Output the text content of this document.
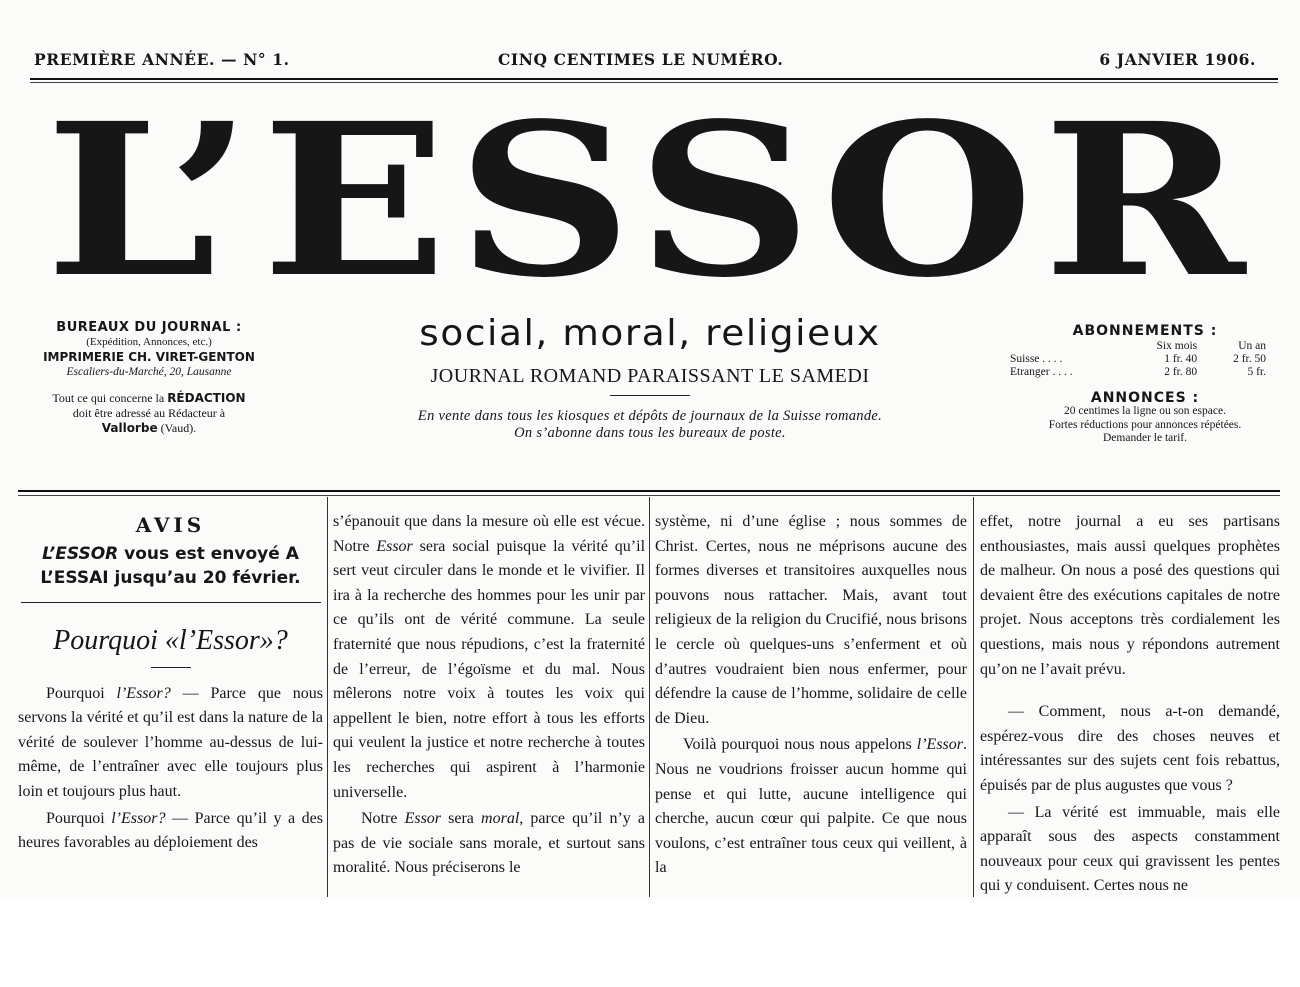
PREMIÈRE ANNÉE. — N° 1.	CINQ CENTIMES LE NUMÉRO.	6 JANVIER 1906.
L’ESSOR
BUREAUX DU JOURNAL :
(Expédition, Annonces, etc.)
IMPRIMERIE CH. VIRET-GENTON
Escaliers-du-Marché, 20, Lausanne
Tout ce qui concerne la RÉDACTION
doit être adressé au Rédacteur à
Vallorbe (Vaud).
social, moral, religieux
JOURNAL ROMAND PARAISSANT LE SAMEDI
En vente dans tous les kiosques et dépôts de journaux de la Suisse romande.
On s’abonne dans tous les bureaux de poste.
ABONNEMENTS :
	Six mois	Un an
Suisse . . . .	1 fr. 40	2 fr. 50
Etranger . . . .	2 fr. 80	5 fr.
ANNONCES :
20 centimes la ligne ou son espace.
Fortes réductions pour annonces répétées.
Demander le tarif.
AVIS
L’ESSOR vous est envoyé A
L’ESSAI jusqu’au 20 février.
Pourquoi «l’Essor»?

Pourquoi l’Essor? — Parce que nous servons la vérité et qu’il est dans la nature de la vérité de soulever l’homme au-dessus de lui-même, de l’entraîner avec elle toujours plus loin et toujours plus haut.

Pourquoi l’Essor? — Parce qu’il y a des heures favorables au déploiement des

s’épanouit que dans la mesure où elle est vécue. Notre Essor sera social puisque la vérité qu’il sert veut circuler dans le monde et le vivifier. Il ira à la recherche des hommes pour les unir par ce qu’ils ont de vérité commune. La seule fraternité que nous répudions, c’est la fraternité de l’erreur, de l’égoïsme et du mal. Nous mêlerons notre voix à toutes les voix qui appellent le bien, notre effort à tous les efforts qui veulent la justice et notre recherche à toutes les recherches qui aspirent à l’harmonie universelle.

Notre Essor sera moral, parce qu’il n’y a pas de vie sociale sans morale, et surtout sans moralité. Nous préciserons le

système, ni d’une église ; nous sommes de Christ. Certes, nous ne méprisons aucune des formes diverses et transitoires auxquelles nous pouvons nous rattacher. Mais, avant tout religieux de la religion du Crucifié, nous brisons le cercle où quelques-uns s’enferment et où d’autres voudraient bien nous enfermer, pour défendre la cause de l’homme, solidaire de celle de Dieu.

Voilà pourquoi nous nous appelons l’Essor. Nous ne voudrions froisser aucun homme qui pense et qui lutte, aucune intelligence qui cherche, aucun cœur qui palpite. Ce que nous voulons, c’est entraîner tous ceux qui veillent, à la

effet, notre journal a eu ses partisans enthousiastes, mais aussi quelques prophètes de malheur. On nous a posé des questions qui devaient être des exécutions capitales de notre projet. Nous acceptons très cordialement les questions, mais nous y répondons autrement qu’on ne l’avait prévu.

— Comment, nous a-t-on demandé, espérez-vous dire des choses neuves et intéressantes sur des sujets cent fois rebattus, épuisés par de plus augustes que vous ?

— La vérité est immuable, mais elle apparaît sous des aspects constamment nouveaux pour ceux qui gravissent les pentes qui y conduisent. Certes nous ne
